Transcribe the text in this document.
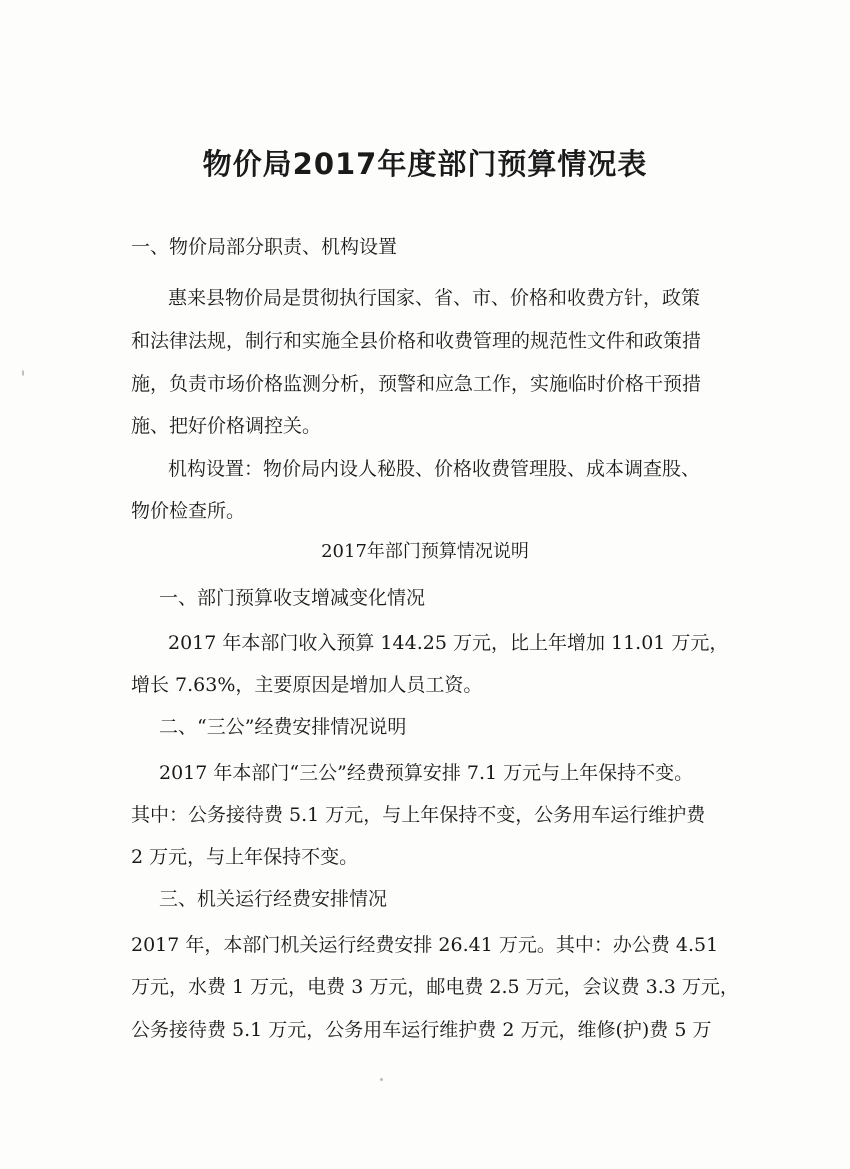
物价局2017年度部门预算情况表
一、物价局部分职责、机构设置
惠来县物价局是贯彻执行国家、省、市、价格和收费方针，政策
和法律法规，制行和实施全县价格和收费管理的规范性文件和政策措
施，负责市场价格监测分析，预警和应急工作，实施临时价格干预措
施、把好价格调控关。
机构设置：物价局内设人秘股、价格收费管理股、成本调查股、
物价检查所。
2017年部门预算情况说明
一、部门预算收支增减变化情况
2017 年本部门收入预算 144.25 万元，比上年增加 11.01 万元，
增长 7.63%，主要原因是增加人员工资。
二、“三公”经费安排情况说明
2017 年本部门“三公”经费预算安排 7.1 万元与上年保持不变。
其中：公务接待费 5.1 万元，与上年保持不变，公务用车运行维护费
2 万元，与上年保持不变。
三、机关运行经费安排情况
2017 年，本部门机关运行经费安排 26.41 万元。其中：办公费 4.51
万元，水费 1 万元，电费 3 万元，邮电费 2.5 万元，会议费 3.3 万元，
公务接待费 5.1 万元，公务用车运行维护费 2 万元，维修(护)费 5 万
